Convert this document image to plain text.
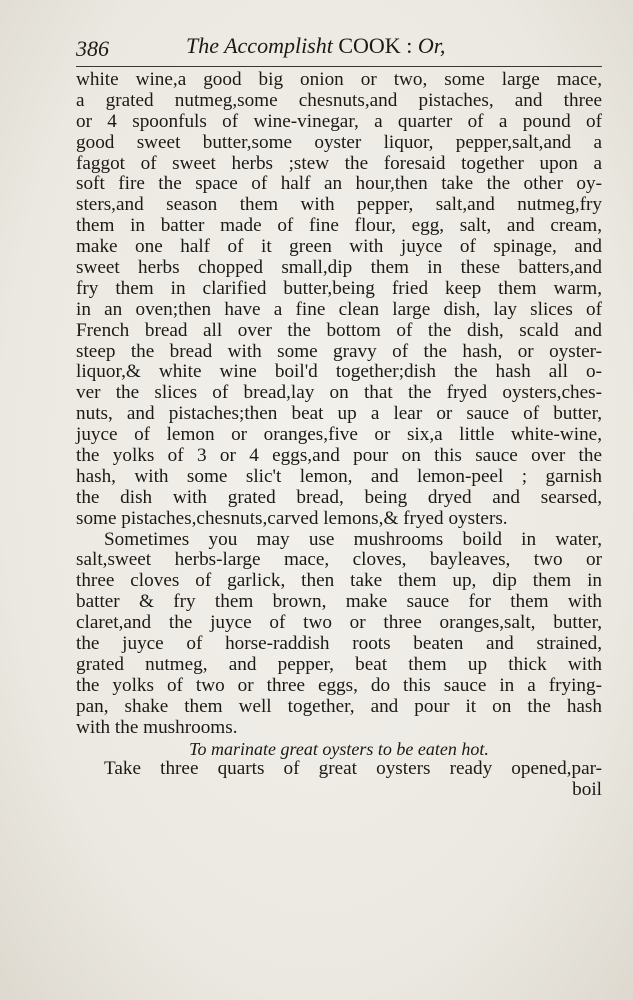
386	The Accomplisht COOK : Or,
white wine,a good big onion or two, some large mace,
a grated nutmeg,some chesnuts,and pistaches, and three
or 4 spoonfuls of wine-vinegar, a quarter of a pound of
good sweet butter,some oyster liquor, pepper,salt,and a
faggot of sweet herbs ;stew the foresaid together upon a
soft fire the space of half an hour,then take the other oy-
sters,and season them with pepper, salt,and nutmeg,fry
them in batter made of fine flour, egg, salt, and cream,
make one half of it green with juyce of spinage, and
sweet herbs chopped small,dip them in these batters,and
fry them in clarified butter,being fried keep them warm,
in an oven;then have a fine clean large dish, lay slices of
French bread all over the bottom of the dish, scald and
steep the bread with some gravy of the hash, or oyster-
liquor,& white wine boil'd together;dish the hash all o-
ver the slices of bread,lay on that the fryed oysters,ches-
nuts, and pistaches;then beat up a lear or sauce of butter,
juyce of lemon or oranges,five or six,a little white-wine,
the yolks of 3 or 4 eggs,and pour on this sauce over the
hash, with some slic't lemon, and lemon-peel ; garnish
the dish with grated bread, being dryed and searsed,
some pistaches,chesnuts,carved lemons,& fryed oysters.
Sometimes you may use mushrooms boild in water,
salt,sweet herbs-large mace, cloves, bayleaves, two or
three cloves of garlick, then take them up, dip them in
batter & fry them brown, make sauce for them with
claret,and the juyce of two or three oranges,salt, butter,
the juyce of horse-raddish roots beaten and strained,
grated nutmeg, and pepper, beat them up thick with
the yolks of two or three eggs, do this sauce in a frying-
pan, shake them well together, and pour it on the hash
with the mushrooms.
To marinate great oysters to be eaten hot.
Take three quarts of great oysters ready opened,par-
boil
